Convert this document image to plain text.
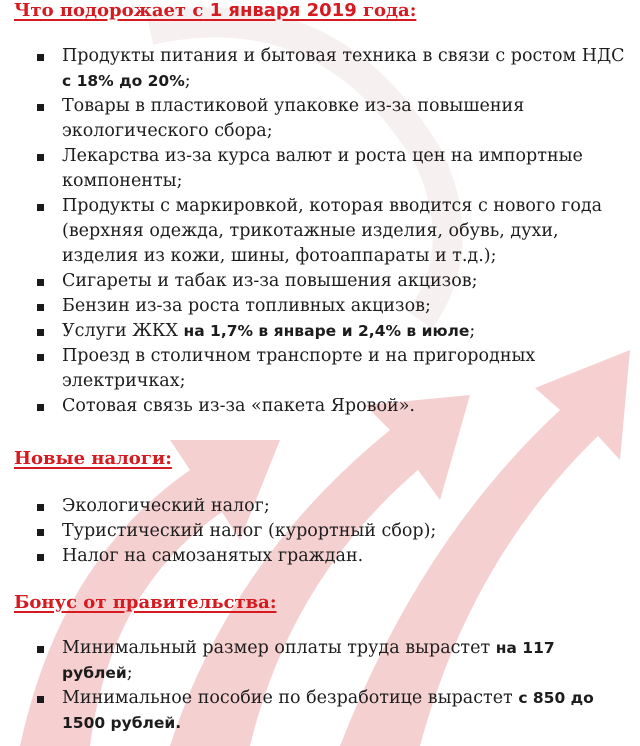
Что подорожает с 1 января 2019 года:
Продукты питания и бытовая техника в связи с ростом НДС с 18% до 20%;
Товары в пластиковой упаковке из-за повышения экологического сбора;
Лекарства из-за курса валют и роста цен на импортные компоненты;
Продукты с маркировкой, которая вводится с нового года (верхняя одежда, трикотажные изделия, обувь, духи, изделия из кожи, шины, фотоаппараты и т.д.);
Сигареты и табак из-за повышения акцизов;
Бензин из-за роста топливных акцизов;
Услуги ЖКХ на 1,7% в январе и 2,4% в июле;
Проезд в столичном транспорте и на пригородных электричках;
Сотовая связь из-за «пакета Яровой».
Новые налоги:
Экологический налог;
Туристический налог (курортный сбор);
Налог на самозанятых граждан.
Бонус от правительства:
Минимальный размер оплаты труда вырастет на 117 рублей;
Минимальное пособие по безработице вырастет с 850 до 1500 рублей.
